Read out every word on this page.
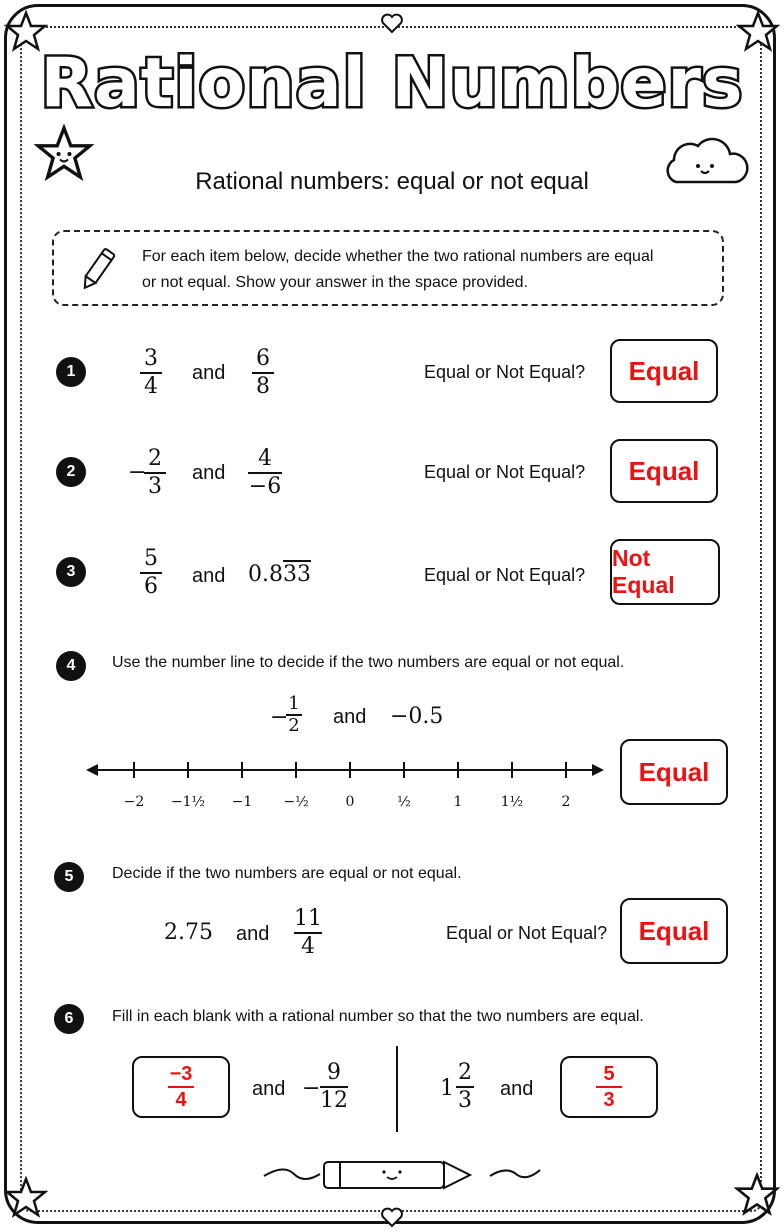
Rational Numbers
Rational numbers: equal or not equal
For each item below, decide whether the two rational numbers are equal
or not equal. Show your answer in the space provided.
1
3
4
and
6
8
Equal or Not Equal?	Equal
2	−
2
3
and
4
−6
Equal or Not Equal?	Equal
3
5
6 and 0.833	Equal or Not Equal?
Not Equal
4	Use the number line to decide if the two numbers are equal or not equal.
−
1
2 and −0.5
−2	−1½	−1	−½	0	½	1	1½	2
Equal
5	Decide if the two numbers are equal or not equal.
2.75 and
11
4
Equal or Not Equal?	Equal
6	Fill in each blank with a rational number so that the two numbers are equal.
$\frac{-3}{4}$	and −
9
12	1
2
3 and	$\frac{5}{3}$
